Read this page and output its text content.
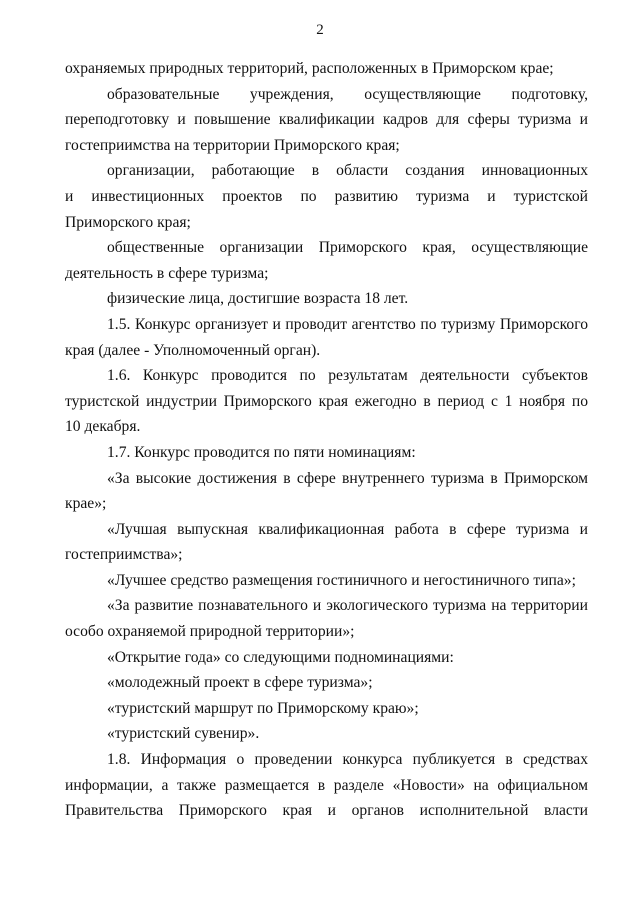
2
охраняемых природных территорий, расположенных в Приморском крае;
образовательные учреждения, осуществляющие подготовку,
переподготовку и повышение квалификации кадров для сферы туризма и
гостеприимства на территории Приморского края;
организации, работающие в области создания инновационных
и инвестиционных проектов по развитию туризма и туристской
Приморского края;
общественные организации Приморского края, осуществляющие
деятельность в сфере туризма;
физические лица, достигшие возраста 18 лет.
1.5. Конкурс организует и проводит агентство по туризму Приморского
края (далее - Уполномоченный орган).
1.6. Конкурс проводится по результатам деятельности субъектов
туристской индустрии Приморского края ежегодно в период с 1 ноября по
10 декабря.
1.7. Конкурс проводится по пяти номинациям:
«За высокие достижения в сфере внутреннего туризма в Приморском
крае»;
«Лучшая выпускная квалификационная работа в сфере туризма и
гостеприимства»;
«Лучшее средство размещения гостиничного и негостиничного типа»;
«За развитие познавательного и экологического туризма на территории
особо охраняемой природной территории»;
«Открытие года» со следующими подноминациями:
«молодежный проект в сфере туризма»;
«туристский маршрут по Приморскому краю»;
«туристский сувенир».
1.8. Информация о проведении конкурса публикуется в средствах
информации, а также размещается в разделе «Новости» на официальном
Правительства Приморского края и органов исполнительной власти
